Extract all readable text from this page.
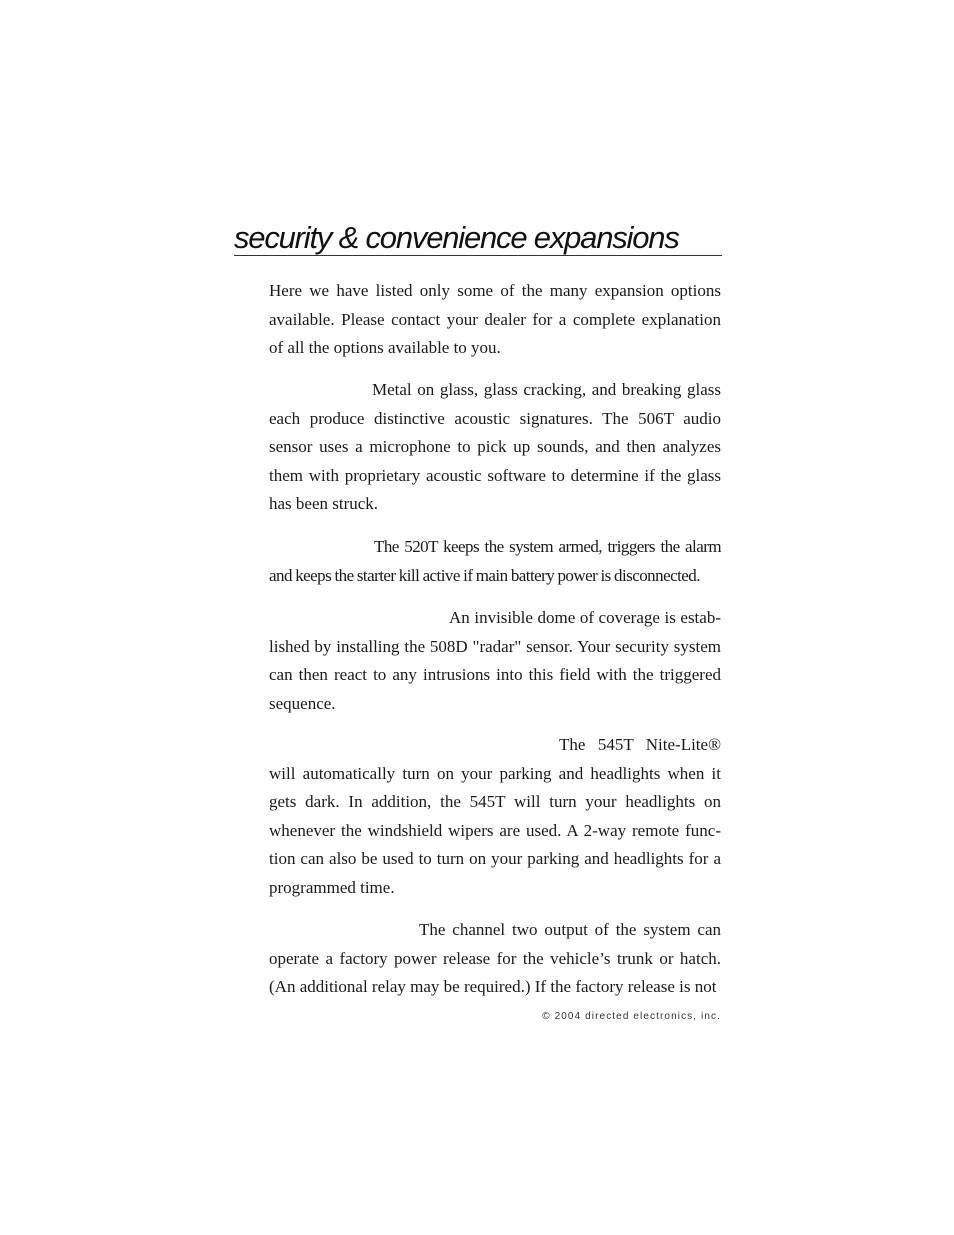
security & convenience expansions

Here we have listed only some of the many expansion options available. Please contact your dealer for a complete explanation of all the options available to you.

Metal on glass, glass cracking, and breaking glass each produce distinctive acoustic signatures. The 506T audio sensor uses a microphone to pick up sounds, and then analyzes them with proprietary acoustic software to determine if the glass has been struck.

The 520T keeps the system armed, triggers the alarm and keeps the starter kill active if main battery power is disconnected.

An invisible dome of coverage is established by installing the 508D "radar" sensor. Your security system can then react to any intrusions into this field with the triggered sequence.

The 545T Nite-Lite® will automatically turn on your parking and headlights when it gets dark. In addition, the 545T will turn your headlights on whenever the windshield wipers are used. A 2-way remote function can also be used to turn on your parking and headlights for a programmed time.

The channel two output of the system can operate a factory power release for the vehicle’s trunk or hatch. (An additional relay may be required.) If the factory release is not

© 2004 directed electronics, inc.
